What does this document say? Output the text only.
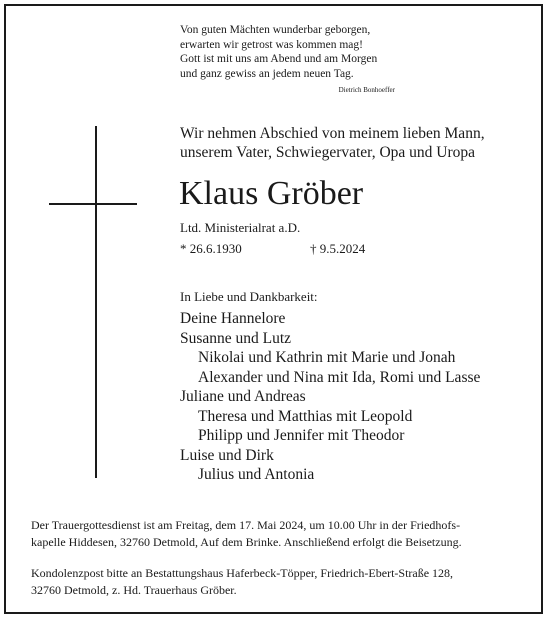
Von guten Mächten wunderbar geborgen,
erwarten wir getrost was kommen mag!
Gott ist mit uns am Abend und am Morgen
und ganz gewiss an jedem neuen Tag.
Dietrich Bonhoeffer
Wir nehmen Abschied von meinem lieben Mann,
unserem Vater, Schwiegervater, Opa und Uropa
Klaus Gröber
Ltd. Ministerialrat a.D.
* 26.6.1930	† 9.5.2024
In Liebe und Dankbarkeit:
Deine Hannelore
Susanne und Lutz
Nikolai und Kathrin mit Marie und Jonah
Alexander und Nina mit Ida, Romi und Lasse
Juliane und Andreas
Theresa und Matthias mit Leopold
Philipp und Jennifer mit Theodor
Luise und Dirk
Julius und Antonia
Der Trauergottesdienst ist am Freitag, dem 17. Mai 2024, um 10.00 Uhr in der Friedhofs-
kapelle Hiddesen, 32760 Detmold, Auf dem Brinke. Anschließend erfolgt die Beisetzung.
Kondolenzpost bitte an Bestattungshaus Haferbeck-Töpper, Friedrich-Ebert-Straße 128,
32760 Detmold, z. Hd. Trauerhaus Gröber.
